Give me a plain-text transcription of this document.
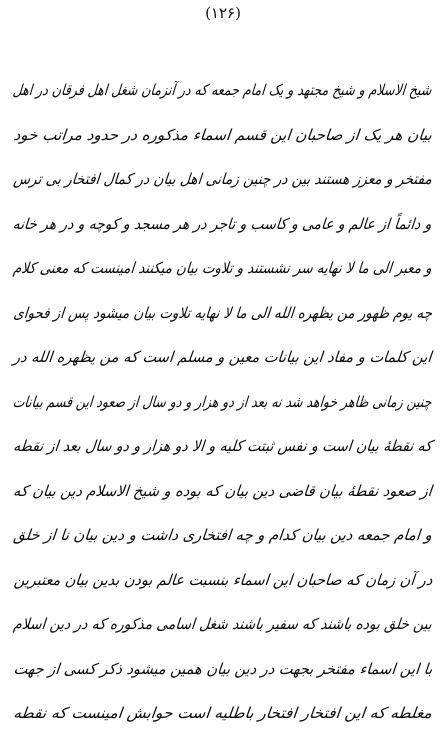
(۱۲۶)
شیخ الاسلام و شیخ مجتهد و یک امام جمعه که در آنزمان شغل اهل فرقان در اهل
بیان هر یک از صاحبان این قسم اسماء مذکوره در حدود مراتب خود
مفتخر و معزز هستند بین در چنین زمانی اهل بیان در کمال افتخار بی ترس
و دائماً از عالم و عامی و کاسب و تاجر در هر مسجد و کوچه و در هر خانه
و معبر الی ما لا نهایه سر نشستند و تلاوت بیان میکنند امینست که معنی کلام
چه یوم ظهور من یظهره الله الی ما لا نهایه تلاوت بیان میشود پس از فحوای
این کلمات و مفاد این بیانات معین و مسلم است که من یظهره الله در
چنین زمانی ظاهر خواهد شد نه بعد از دو هزار و دو سال از صعود این قسم بیانات
که نقطهٔ بیان است و نفس ثبتت کلیه و الا دو هزار و دو سال بعد از نقطه
از صعود نقطهٔ بیان قاضی دین بیان که بوده و شیخ الاسلام دین بیان که
و امام جمعه دین بیان کدام و چه افتخاری داشت و دین بیان نا از خلق
در آن زمان که صاحبان این اسماء بنسبت عالم بودن بدین بیان معتبرین
بین خلق بوده باشند که سفیر باشند شغل اسامی مذکوره که در دین اسلام
با این اسماء مفتخر بجهت در دین بیان همین میشود ذکر کسی از جهت
مغلطه که این افتخار افتخار باطلیه است حوابش امینست که نقطه
